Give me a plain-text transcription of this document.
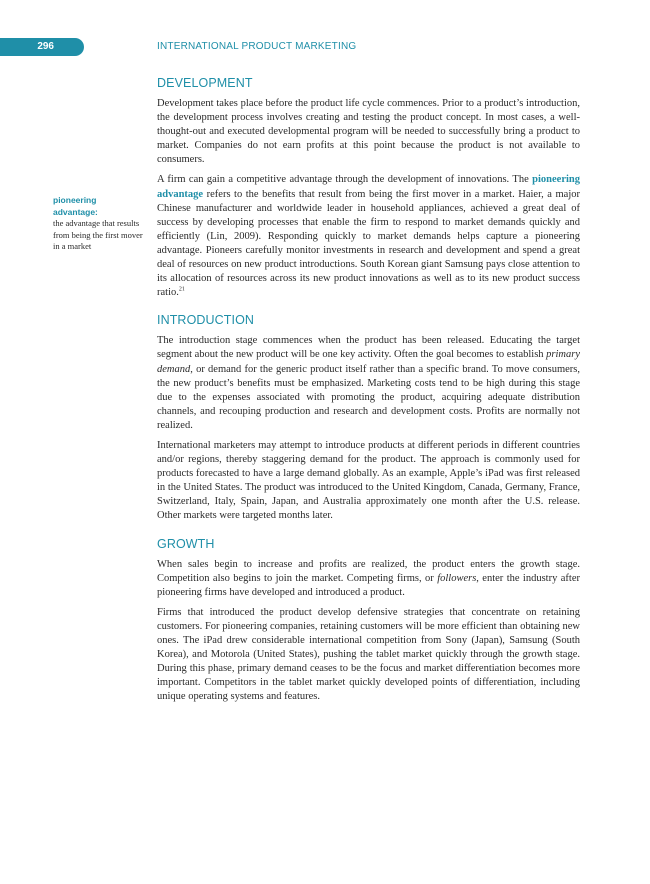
296	INTERNATIONAL PRODUCT MARKETING
pioneering advantage:
the advantage that results from being the first mover in a market
DEVELOPMENT

Development takes place before the product life cycle commences. Prior to a product’s introduction, the development process involves creating and testing the product concept. In most cases, a well-thought-out and executed developmental program will be needed to successfully bring a product to market. Companies do not earn profits at this point because the product is not available to consumers.

A firm can gain a competitive advantage through the development of innovations. The pioneering advantage refers to the benefits that result from being the first mover in a market. Haier, a major Chinese manufacturer and worldwide leader in household appliances, achieved a great deal of success by developing processes that enable the firm to respond to market demands quickly and efficiently (Lin, 2009). Responding quickly to market demands helps capture a pioneering advantage. Pioneers carefully monitor investments in research and development and spend a great deal of resources on new product introductions. South Korean giant Samsung pays close attention to its allocation of resources across its new product innovations as well as to its new product success ratio.$^{21}$

INTRODUCTION

The introduction stage commences when the product has been released. Educating the target segment about the new product will be one key activity. Often the goal becomes to establish primary demand, or demand for the generic product itself rather than a specific brand. To move consumers, the new product’s benefits must be emphasized. Marketing costs tend to be high during this stage due to the expenses associated with promoting the product, acquiring adequate distribution channels, and recouping production and research and development costs. Profits are normally not realized.

International marketers may attempt to introduce products at different periods in different countries and/or regions, thereby staggering demand for the product. The approach is commonly used for products forecasted to have a large demand globally. As an example, Apple’s iPad was first released in the United States. The product was introduced to the United Kingdom, Canada, Germany, France, Switzerland, Italy, Spain, Japan, and Australia approximately one month after the U.S. release. Other markets were targeted months later.

GROWTH

When sales begin to increase and profits are realized, the product enters the growth stage. Competition also begins to join the market. Competing firms, or followers, enter the industry after pioneering firms have developed and introduced a product.

Firms that introduced the product develop defensive strategies that concentrate on retaining customers. For pioneering companies, retaining customers will be more efficient than obtaining new ones. The iPad drew considerable international competition from Sony (Japan), Samsung (South Korea), and Motorola (United States), pushing the tablet market quickly through the growth stage. During this phase, primary demand ceases to be the focus and market differentiation becomes more important. Competitors in the tablet market quickly developed points of differentiation, including unique operating systems and features.
